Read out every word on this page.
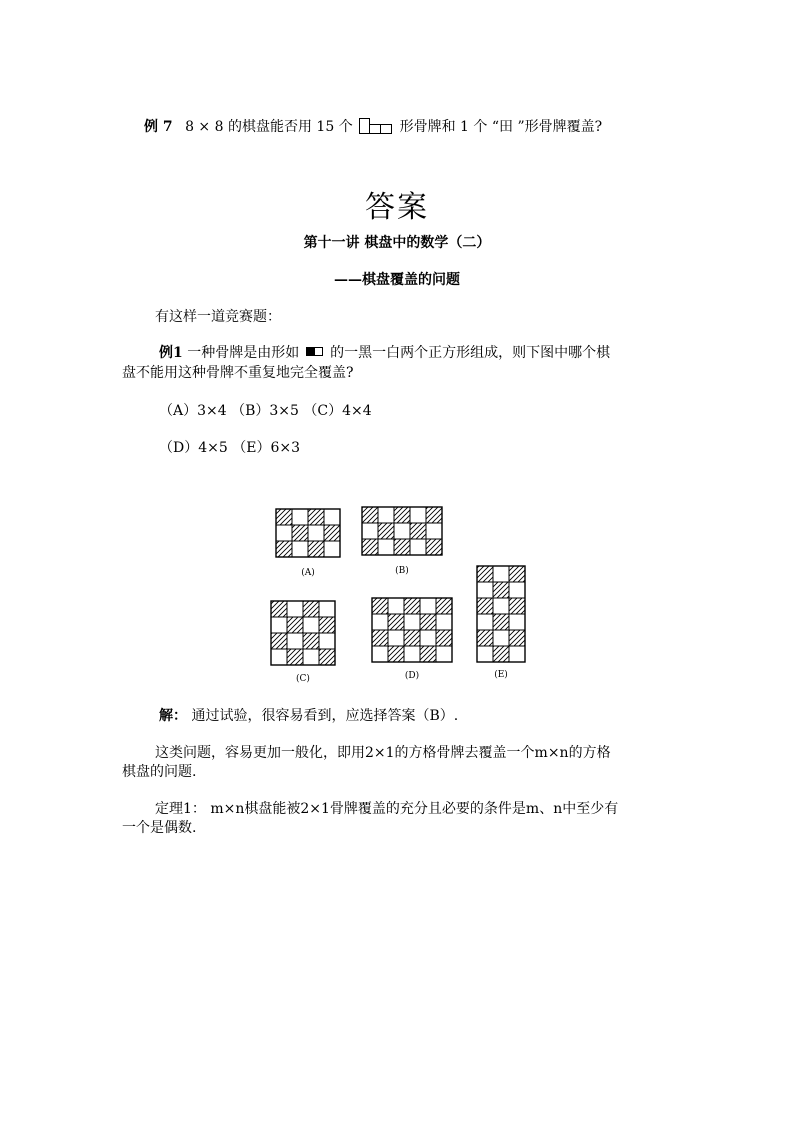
例 7 8 × 8 的棋盘能否用 15 个	形骨牌和 1 个 “田 ”形骨牌覆盖?
答案
第十一讲 棋盘中的数学（二）
——棋盘覆盖的问题
有这样一道竞赛题：
例1 一种骨牌是由形如 的一黑一白两个正方形组成，则下图中哪个棋
盘不能用这种骨牌不重复地完全覆盖?
（A）3×4 （B）3×5 （C）4×4
（D）4×5 （E）6×3
(A)	(B)
(C)	(D)	(E)
解： 通过试验，很容易看到，应选择答案（B）.
这类问题，容易更加一般化，即用2×1的方格骨牌去覆盖一个m×n的方格
棋盘的问题.
定理1： m×n棋盘能被2×1骨牌覆盖的充分且必要的条件是m、n中至少有
一个是偶数.
